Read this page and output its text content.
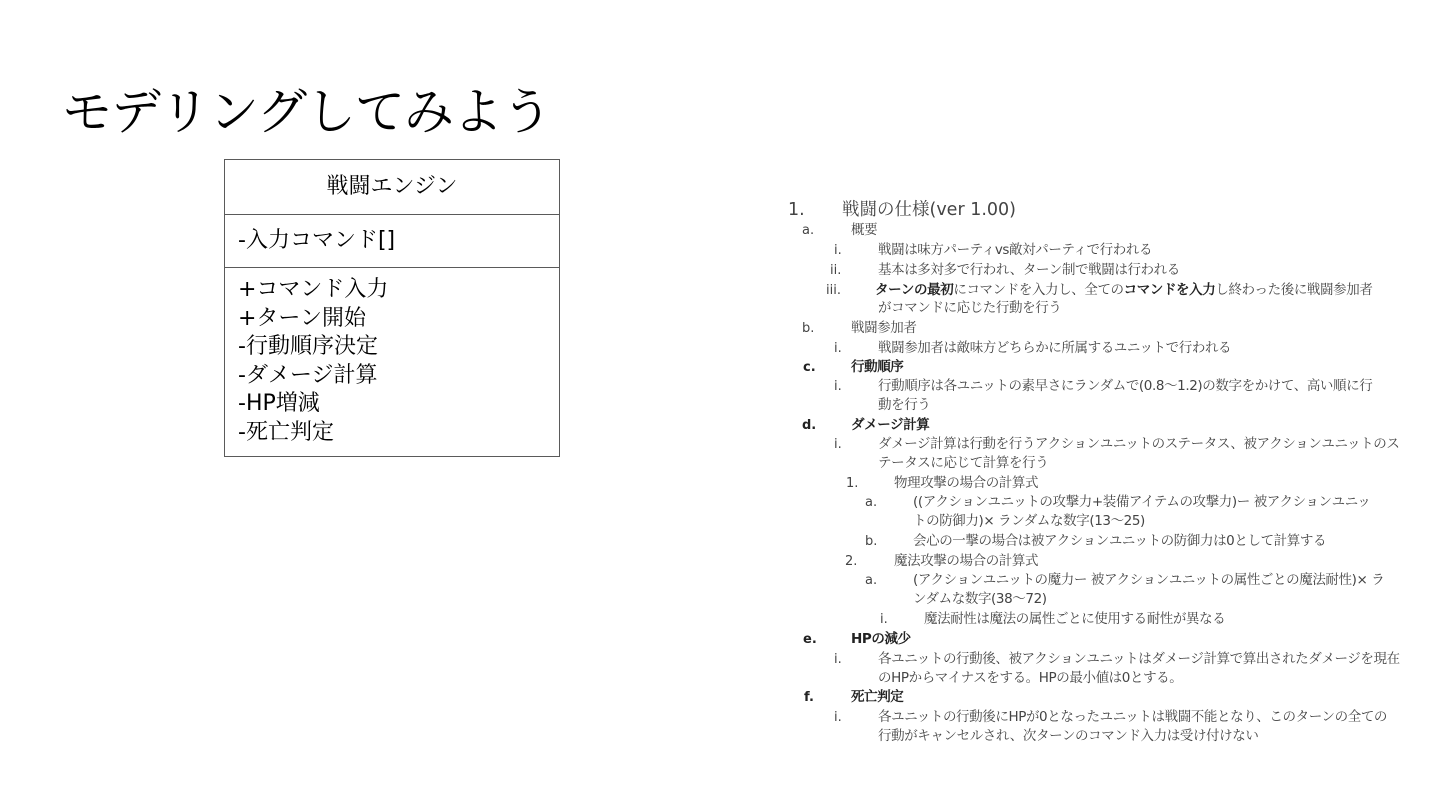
モデリングしてみよう
戦闘エンジン
-入力コマンド[]
+コマンド入力
+ターン開始
-行動順序決定
-ダメージ計算
-HP増減
-死亡判定
1. 戦闘の仕様(ver 1.00)
a.	概要
i.	戦闘は味方パーティvs敵対パーティで行われる
ii.	基本は多対多で行われ、ターン制で戦闘は行われる
iii.	ターンの最初にコマンドを入力し、全てのコマンドを入力し終わった後に戦闘参加者
がコマンドに応じた行動を行う
b.	戦闘参加者
i.	戦闘参加者は敵味方どちらかに所属するユニットで行われる
c.	行動順序
i.	行動順序は各ユニットの素早さにランダムで(0.8〜1.2)の数字をかけて、高い順に行
動を行う
d.	ダメージ計算
i.	ダメージ計算は行動を行うアクションユニットのステータス、被アクションユニットのス
テータスに応じて計算を行う
1.	物理攻撃の場合の計算式
a.	((アクションユニットの攻撃力+装備アイテムの攻撃力)ー 被アクションユニッ
トの防御力)× ランダムな数字(13〜25)
b.	会心の一撃の場合は被アクションユニットの防御力は0として計算する
2.	魔法攻撃の場合の計算式
a.	(アクションユニットの魔力ー 被アクションユニットの属性ごとの魔法耐性)× ラ
ンダムな数字(38〜72)
i.	魔法耐性は魔法の属性ごとに使用する耐性が異なる
e.	HPの減少
i.	各ユニットの行動後、被アクションユニットはダメージ計算で算出されたダメージを現在
のHPからマイナスをする。HPの最小値は0とする。
f.	死亡判定
i.	各ユニットの行動後にHPが0となったユニットは戦闘不能となり、このターンの全ての
行動がキャンセルされ、次ターンのコマンド入力は受け付けない
